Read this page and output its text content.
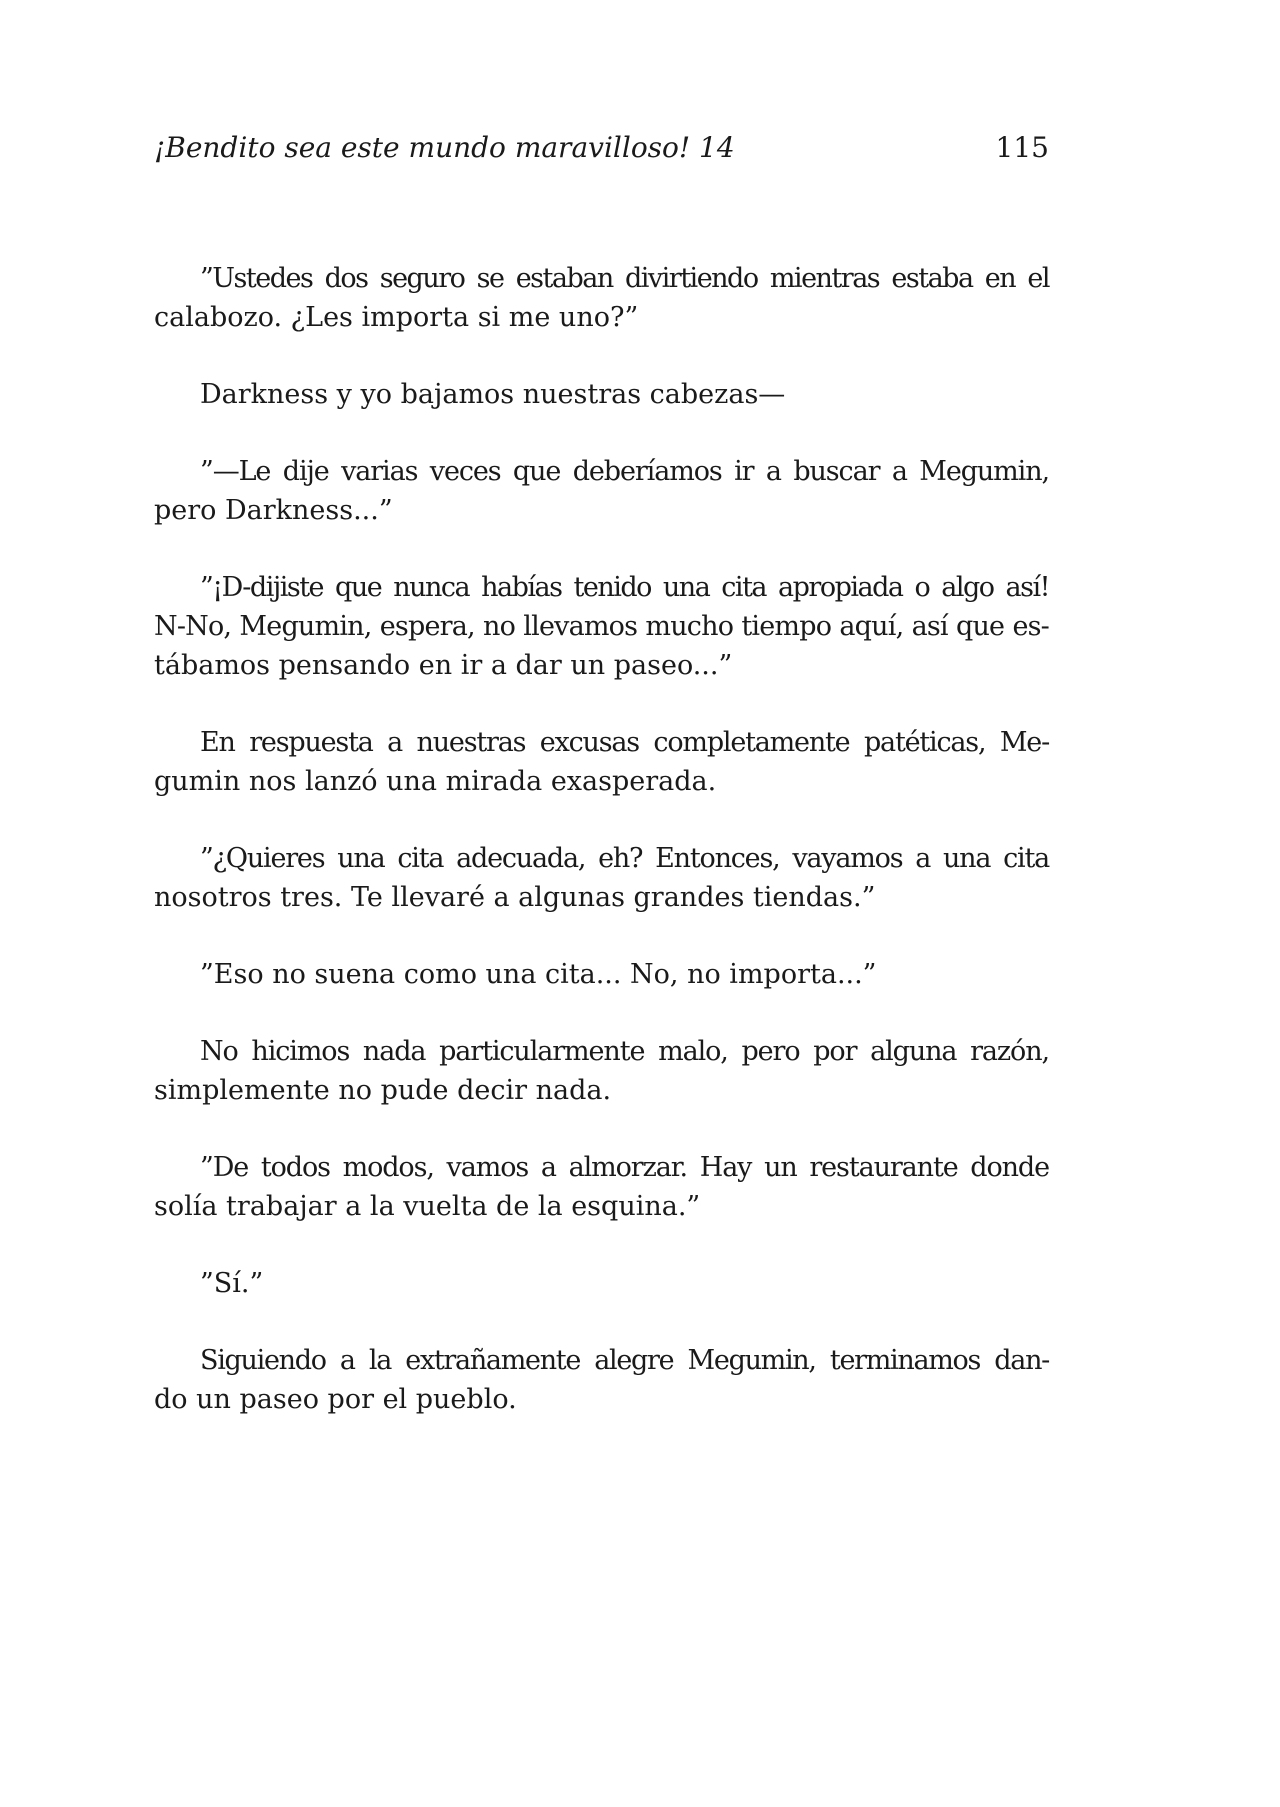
¡Bendito sea este mundo maravilloso! 14	115

”Ustedes dos seguro se estaban divirtiendo mientras estaba en el
calabozo. ¿Les importa si me uno?”

Darkness y yo bajamos nuestras cabezas—

”—Le dije varias veces que deberíamos ir a buscar a Megumin,
pero Darkness...”

”¡D-dijiste que nunca habías tenido una cita apropiada o algo así!
N-No, Megumin, espera, no llevamos mucho tiempo aquí, así que es-
tábamos pensando en ir a dar un paseo...”

En respuesta a nuestras excusas completamente patéticas, Me-
gumin nos lanzó una mirada exasperada.

”¿Quieres una cita adecuada, eh? Entonces, vayamos a una cita
nosotros tres. Te llevaré a algunas grandes tiendas.”

”Eso no suena como una cita... No, no importa...”

No hicimos nada particularmente malo, pero por alguna razón,
simplemente no pude decir nada.

”De todos modos, vamos a almorzar. Hay un restaurante donde
solía trabajar a la vuelta de la esquina.”

”Sí.”

Siguiendo a la extrañamente alegre Megumin, terminamos dan-
do un paseo por el pueblo.
